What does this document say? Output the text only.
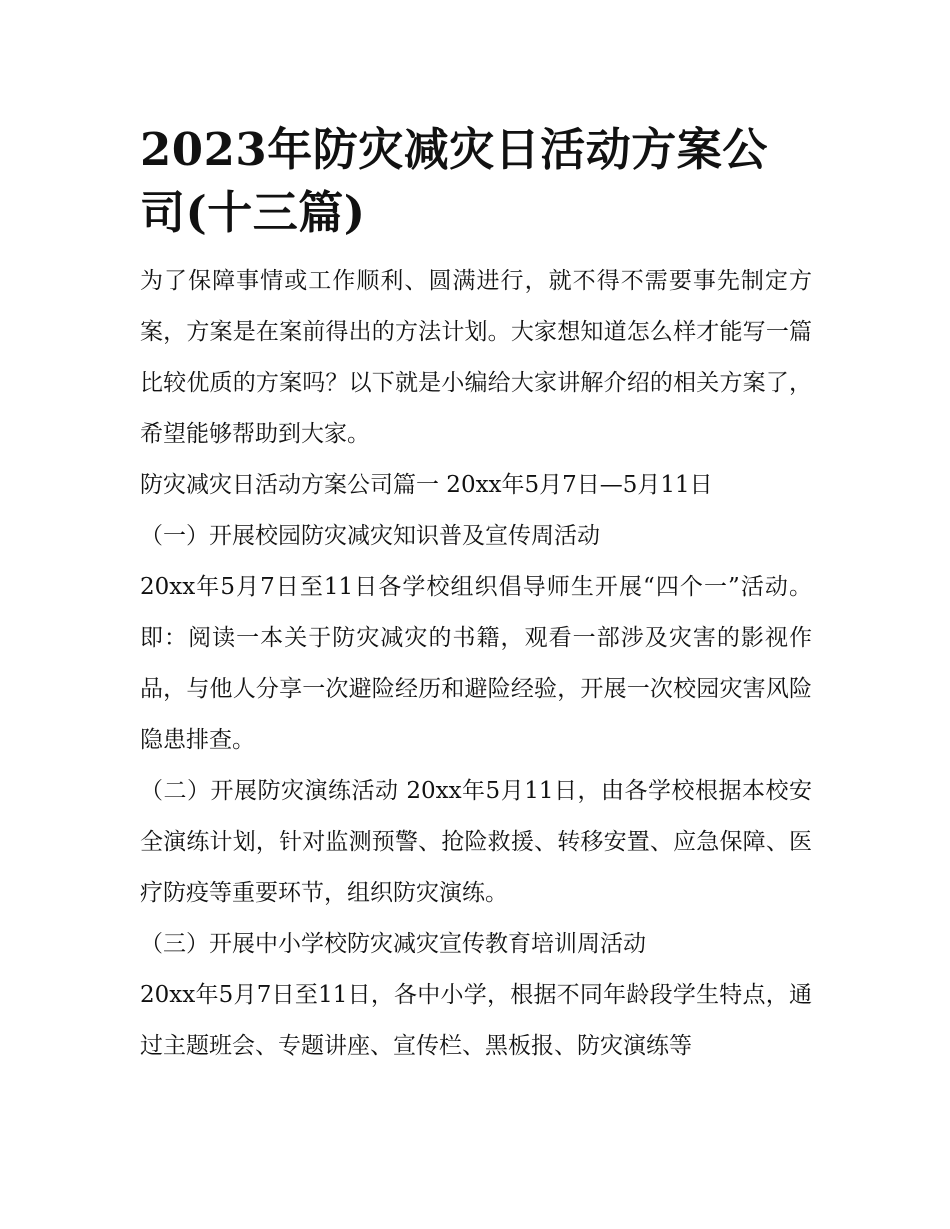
2023年防灾减灾日活动方案公司(十三篇)

为了保障事情或工作顺利、圆满进行，就不得不需要事先制定方案，方案是在案前得出的方法计划。大家想知道怎么样才能写一篇比较优质的方案吗？以下就是小编给大家讲解介绍的相关方案了，希望能够帮助到大家。

防灾减灾日活动方案公司篇一 20xx年5月7日—5月11日

（一）开展校园防灾减灾知识普及宣传周活动

20xx年5月7日至11日各学校组织倡导师生开展“四个一”活动。即：阅读一本关于防灾减灾的书籍，观看一部涉及灾害的影视作品，与他人分享一次避险经历和避险经验，开展一次校园灾害风险隐患排查。

（二）开展防灾演练活动 20xx年5月11日，由各学校根据本校安全演练计划，针对监测预警、抢险救援、转移安置、应急保障、医疗防疫等重要环节，组织防灾演练。

（三）开展中小学校防灾减灾宣传教育培训周活动

20xx年5月7日至11日，各中小学，根据不同年龄段学生特点，通过主题班会、专题讲座、宣传栏、黑板报、防灾演练等
